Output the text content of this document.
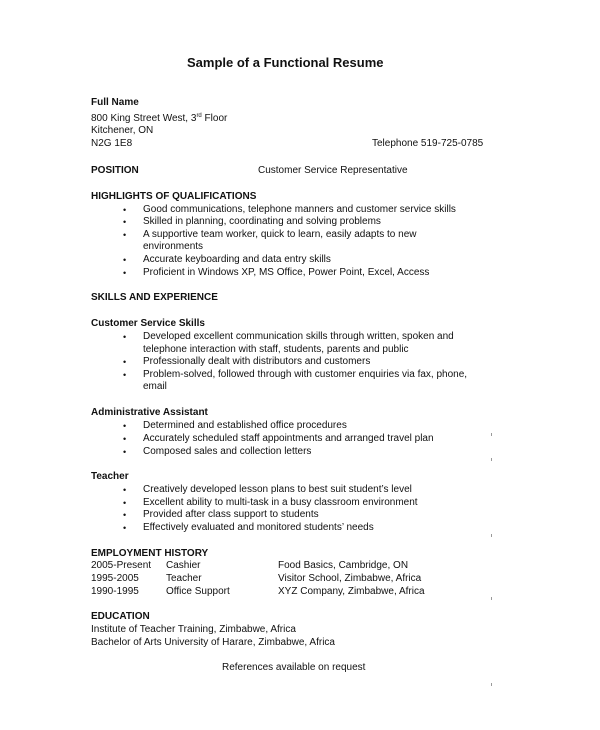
Sample of a Functional Resume
Full Name
800 King Street West, 3rd Floor
Kitchener, ON
N2G 1E8	Telephone 519-725-0785
POSITION	Customer Service Representative
HIGHLIGHTS OF QUALIFICATIONS
• Good communications, telephone manners and customer service skills
• Skilled in planning, coordinating and solving problems
• A supportive team worker, quick to learn, easily adapts to new
environments
• Accurate keyboarding and data entry skills
• Proficient in Windows XP, MS Office, Power Point, Excel, Access
SKILLS AND EXPERIENCE
Customer Service Skills
• Developed excellent communication skills through written, spoken and
telephone interaction with staff, students, parents and public
• Professionally dealt with distributors and customers
• Problem-solved, followed through with customer enquiries via fax, phone,
email
Administrative Assistant
• Determined and established office procedures
• Accurately scheduled staff appointments and arranged travel plan
• Composed sales and collection letters
Teacher
• Creatively developed lesson plans to best suit student’s level
• Excellent ability to multi-task in a busy classroom environment
• Provided after class support to students
• Effectively evaluated and monitored students’ needs
EMPLOYMENT HISTORY
2005-Present Cashier	Food Basics, Cambridge, ON
1995-2005	Teacher	Visitor School, Zimbabwe, Africa
1990-1995	Office Support	XYZ Company, Zimbabwe, Africa
EDUCATION
Institute of Teacher Training, Zimbabwe, Africa
Bachelor of Arts University of Harare, Zimbabwe, Africa
References available on request
